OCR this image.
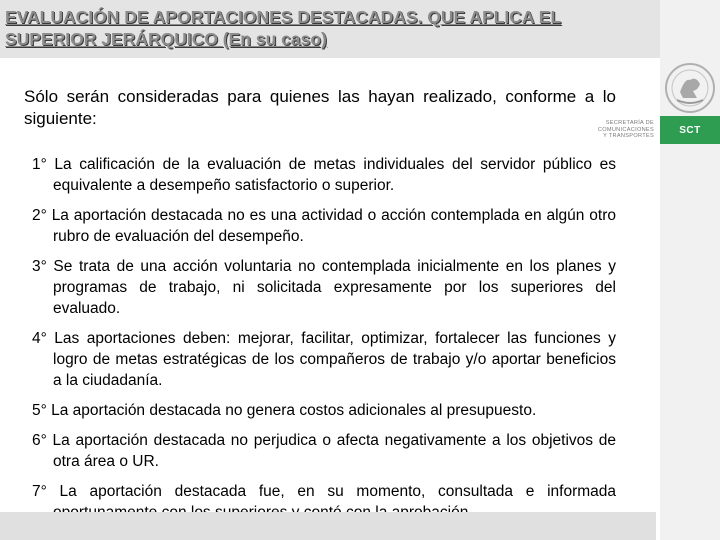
EVALUACIÓN DE APORTACIONES DESTACADAS. QUE APLICA EL SUPERIOR JERÁRQUICO (En su caso)
SECRETARÍA DE
COMUNICACIONES
Y TRANSPORTES
SCT

Sólo serán consideradas para quienes las hayan realizado, conforme a lo siguiente:

1° La calificación de la evaluación de metas individuales del servidor público es equivalente a desempeño satisfactorio o superior.
2° La aportación destacada no es una actividad o acción contemplada en algún otro rubro de evaluación del desempeño.
3° Se trata de una acción voluntaria no contemplada inicialmente en los planes y programas de trabajo, ni solicitada expresamente por los superiores del evaluado.
4° Las aportaciones deben: mejorar, facilitar, optimizar, fortalecer las funciones y logro de metas estratégicas de los compañeros de trabajo y/o aportar beneficios a la ciudadanía.
5° La aportación destacada no genera costos adicionales al presupuesto.
6° La aportación destacada no perjudica o afecta negativamente a los objetivos de otra área o UR.
7° La aportación destacada fue, en su momento, consultada e informada
